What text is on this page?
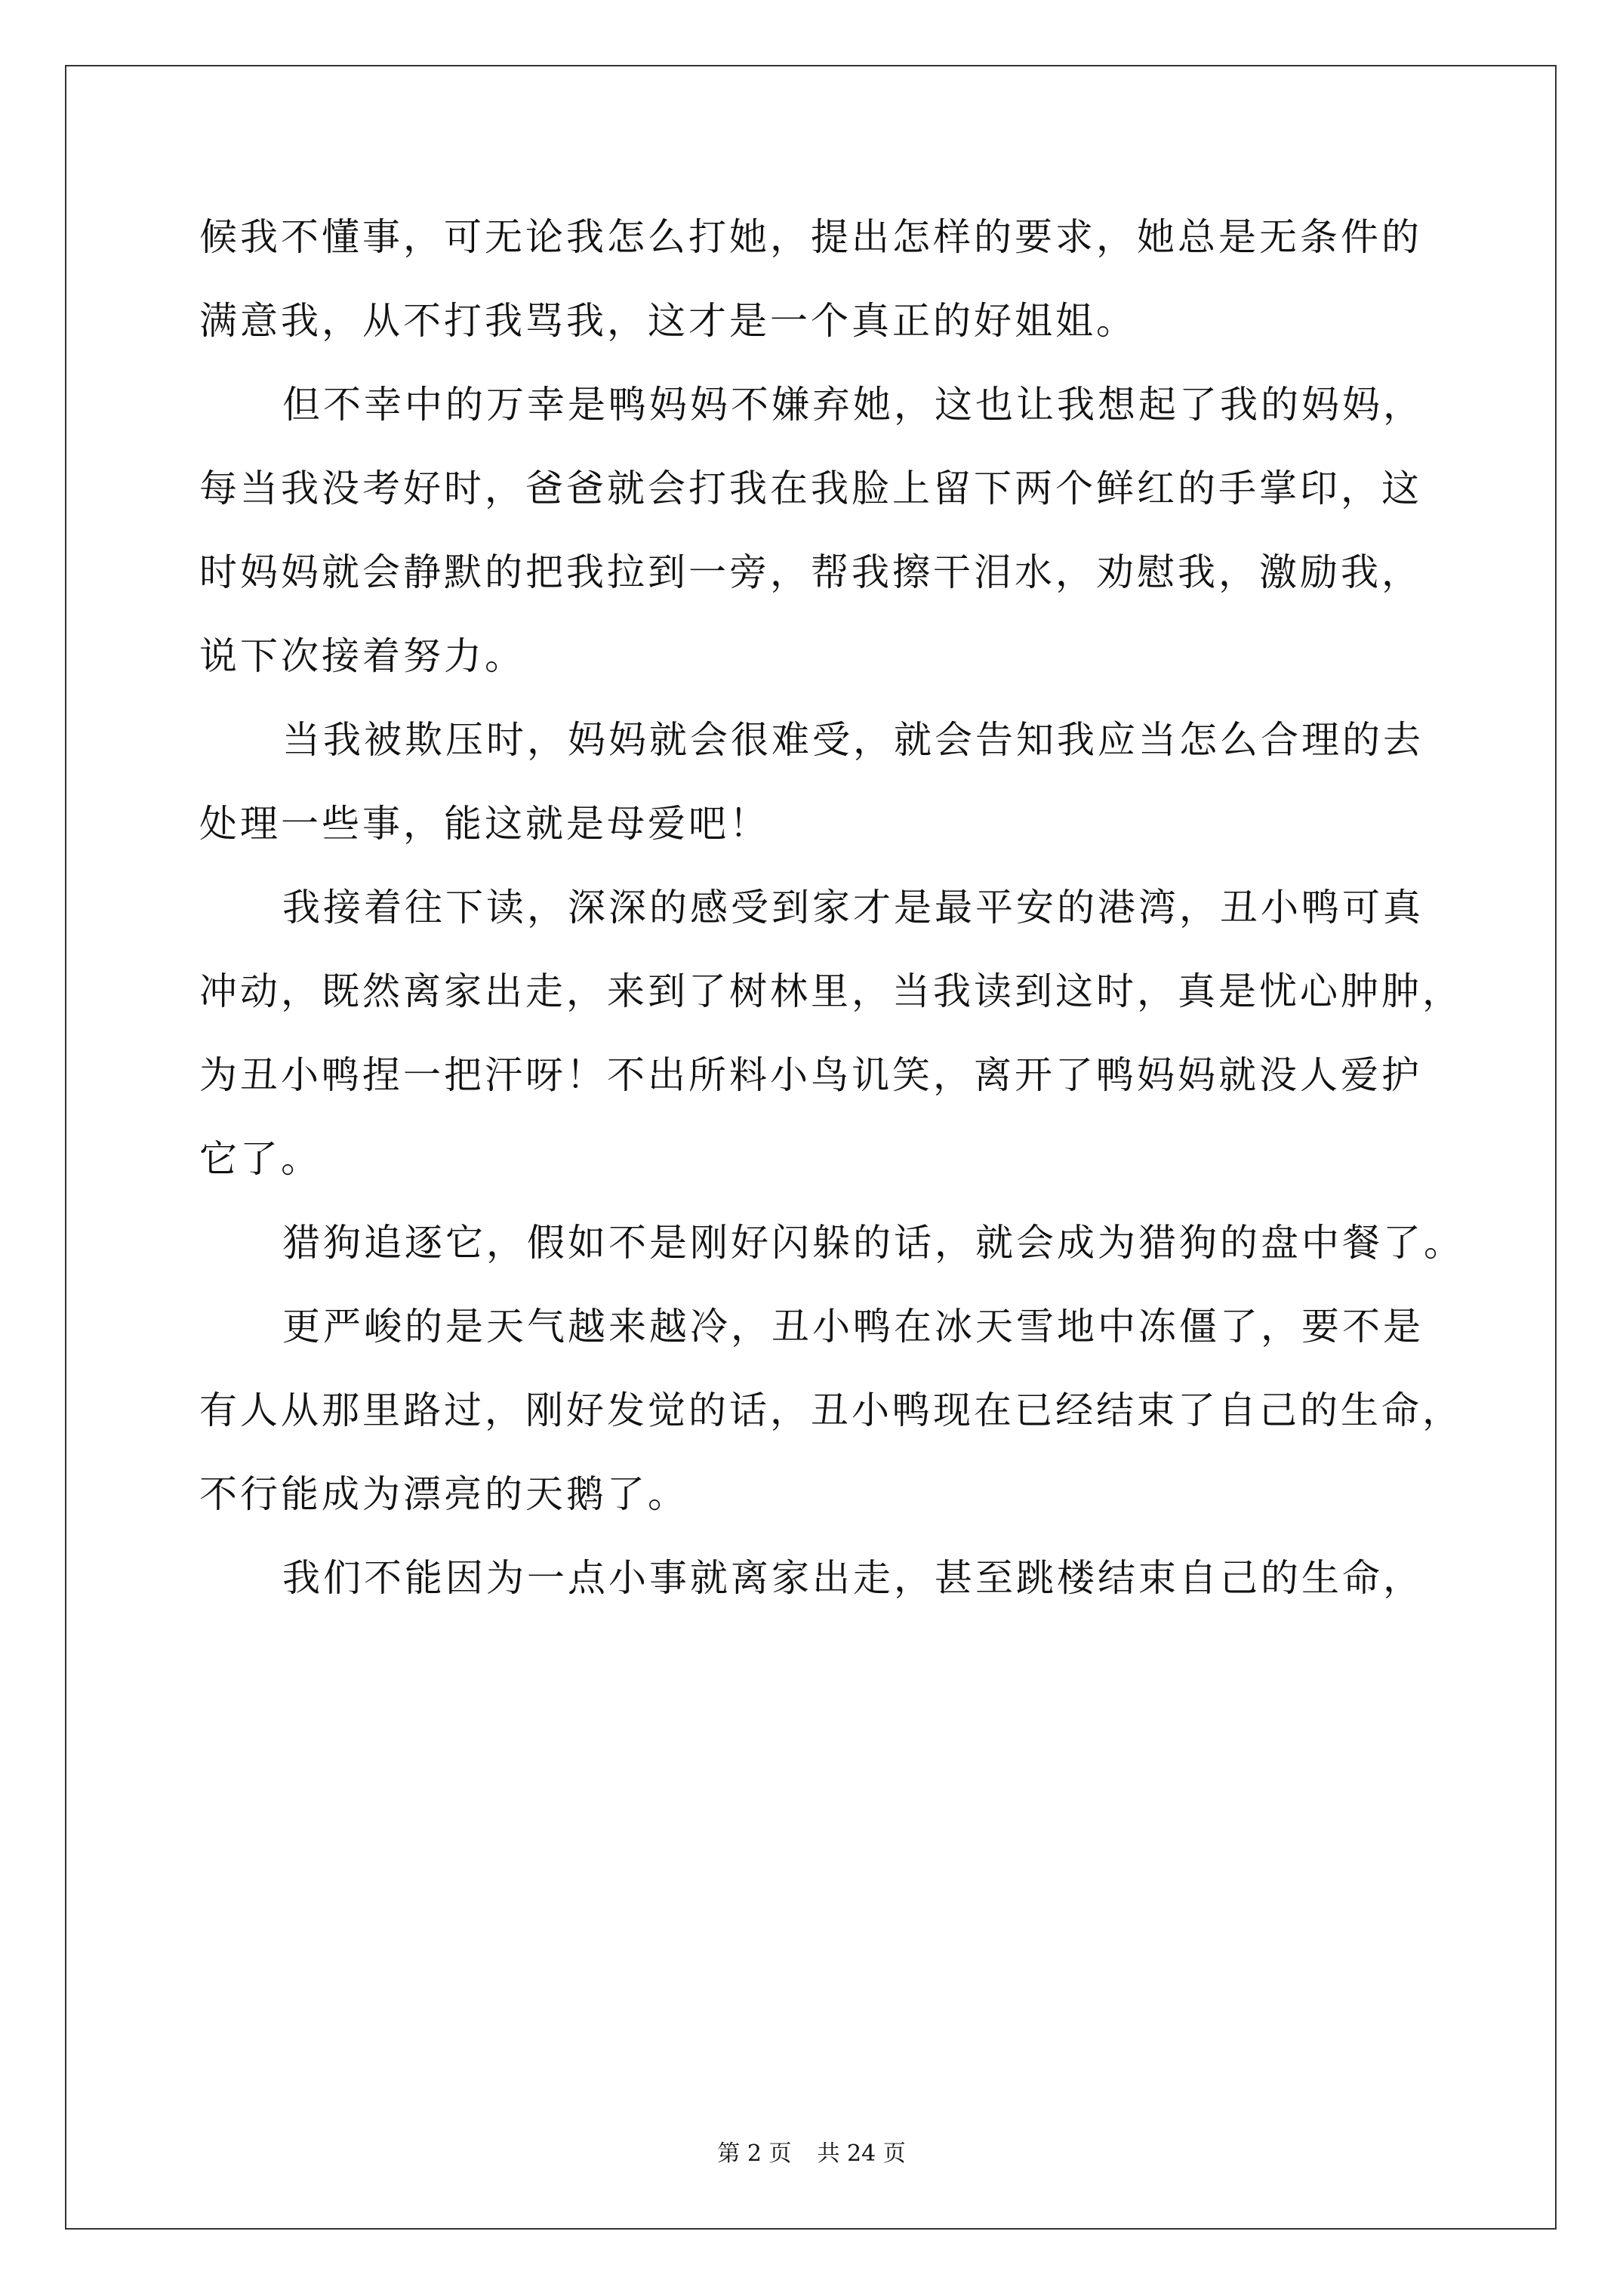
候我不懂事，可无论我怎么打她，提出怎样的要求，她总是无条件的
满意我，从不打我骂我，这才是一个真正的好姐姐。
但不幸中的万幸是鸭妈妈不嫌弃她，这也让我想起了我的妈妈，
每当我没考好时，爸爸就会打我在我脸上留下两个鲜红的手掌印，这
时妈妈就会静默的把我拉到一旁，帮我擦干泪水，劝慰我，激励我，
说下次接着努力。
当我被欺压时，妈妈就会很难受，就会告知我应当怎么合理的去
处理一些事，能这就是母爱吧！
我接着往下读，深深的感受到家才是最平安的港湾，丑小鸭可真
冲动，既然离家出走，来到了树林里，当我读到这时，真是忧心肿肿，
为丑小鸭捏一把汗呀！不出所料小鸟讥笑，离开了鸭妈妈就没人爱护
它了。
猎狗追逐它，假如不是刚好闪躲的话，就会成为猎狗的盘中餐了。
更严峻的是天气越来越冷，丑小鸭在冰天雪地中冻僵了，要不是
有人从那里路过，刚好发觉的话，丑小鸭现在已经结束了自己的生命，
不行能成为漂亮的天鹅了。
我们不能因为一点小事就离家出走，甚至跳楼结束自己的生命，
第 2 页 共 24 页
